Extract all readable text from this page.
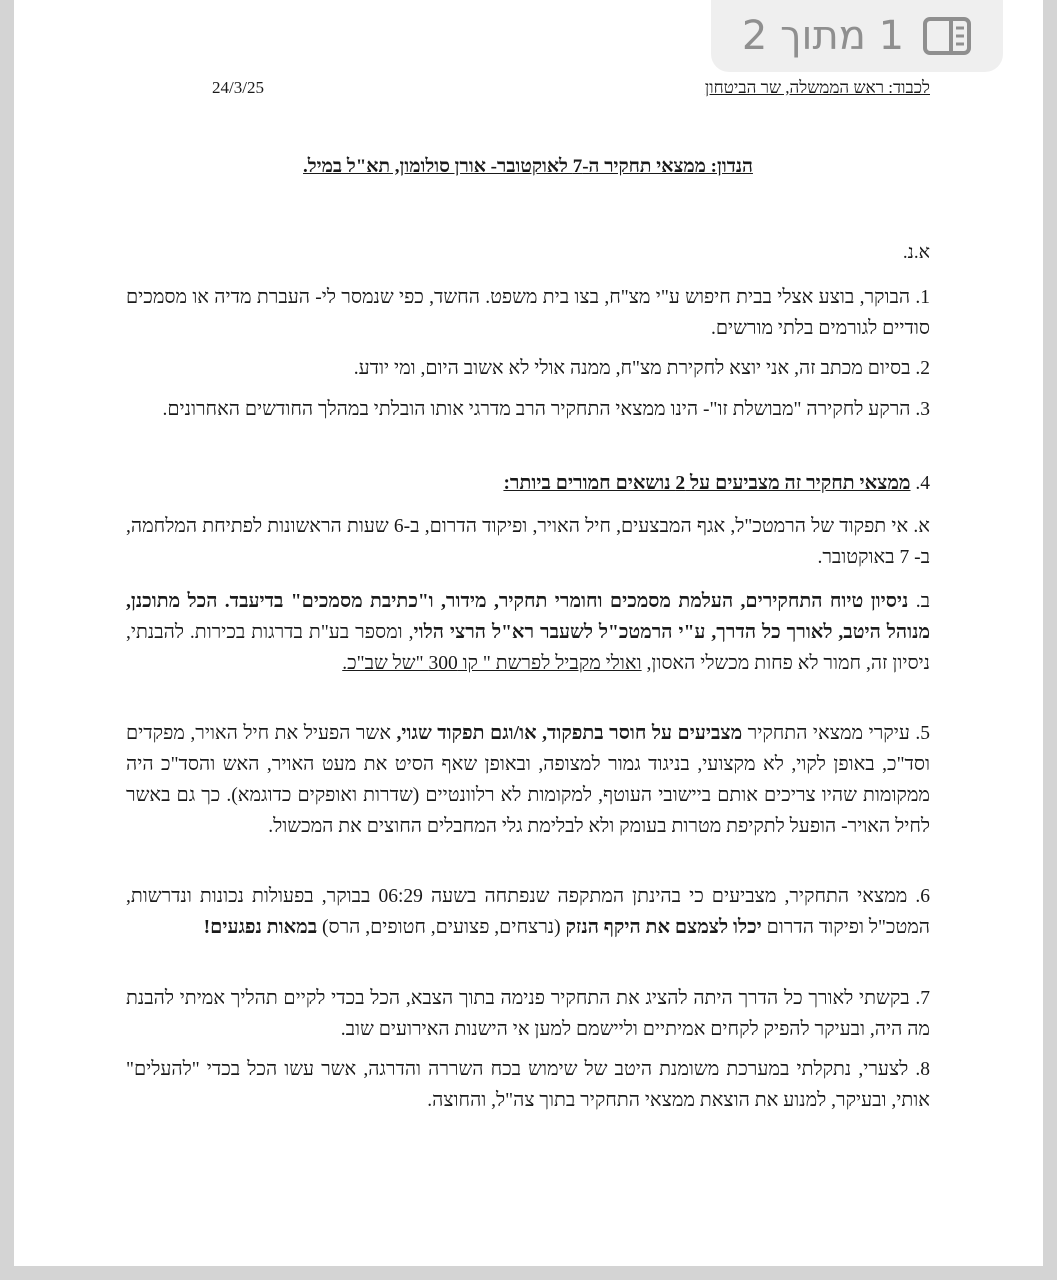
1 מתוך 2
לכבוד: ראש הממשלה, שר הביטחון
24/3/25
הנדון: ממצאי תחקיר ה-7 לאוקטובר- אורן סולומון, תא"ל במיל.
א.נ.
1. הבוקר, בוצע אצלי בבית חיפוש ע"י מצ"ח, בצו בית משפט. החשד, כפי שנמסר לי- העברת מדיה או מסמכים סודיים לגורמים בלתי מורשים.
2. בסיום מכתב זה, אני יוצא לחקירת מצ"ח, ממנה אולי לא אשוב היום, ומי יודע.
3. הרקע לחקירה "מבושלת זו"- הינו ממצאי התחקיר הרב מדרגי אותו הובלתי במהלך החודשים האחרונים.
4. ממצאי תחקיר זה מצביעים על 2 נושאים חמורים ביותר:
א. אי תפקוד של הרמטכ"ל, אגף המבצעים, חיל האויר, ופיקוד הדרום, ב-6 שעות הראשונות לפתיחת המלחמה, ב- 7 באוקטובר.
ב. ניסיון טיוח התחקירים, העלמת מסמכים וחומרי תחקיר, מידור, ו"כתיבת מסמכים" בדיעבד. הכל מתוכנן, מנוהל היטב, לאורך כל הדרך, ע"י הרמטכ"ל לשעבר רא"ל הרצי הלוי, ומספר בע"ת בדרגות בכירות. להבנתי, ניסיון זה, חמור לא פחות מכשלי האסון, ואולי מקביל לפרשת " קו 300 "של שב"כ.
5. עיקרי ממצאי התחקיר מצביעים על חוסר בתפקוד, או/וגם תפקוד שגוי, אשר הפעיל את חיל האויר, מפקדים וסד"כ, באופן לקוי, לא מקצועי, בניגוד גמור למצופה, ובאופן שאף הסיט את מעט האויר, האש והסד"כ היה ממקומות שהיו צריכים אותם ביישובי העוטף, למקומות לא רלוונטיים (שדרות ואופקים כדוגמא). כך גם באשר לחיל האויר- הופעל לתקיפת מטרות בעומק ולא לבלימת גלי המחבלים החוצים את המכשול.
6. ממצאי התחקיר, מצביעים כי בהינתן המתקפה שנפתחה בשעה 06:29 בבוקר, בפעולות נכונות ונדרשות, המטכ"ל ופיקוד הדרום יכלו לצמצם את היקף הנזק (נרצחים, פצועים, חטופים, הרס) במאות נפגעים!
7. בקשתי לאורך כל הדרך היתה להציג את התחקיר פנימה בתוך הצבא, הכל בכדי לקיים תהליך אמיתי להבנת מה היה, ובעיקר להפיק לקחים אמיתיים וליישמם למען אי הישנות האירועים שוב.
8. לצערי, נתקלתי במערכת משומנת היטב של שימוש בכח השררה והדרגה, אשר עשו הכל בכדי "להעלים" אותי, ובעיקר, למנוע את הוצאת ממצאי התחקיר בתוך צה"ל, והחוצה.
